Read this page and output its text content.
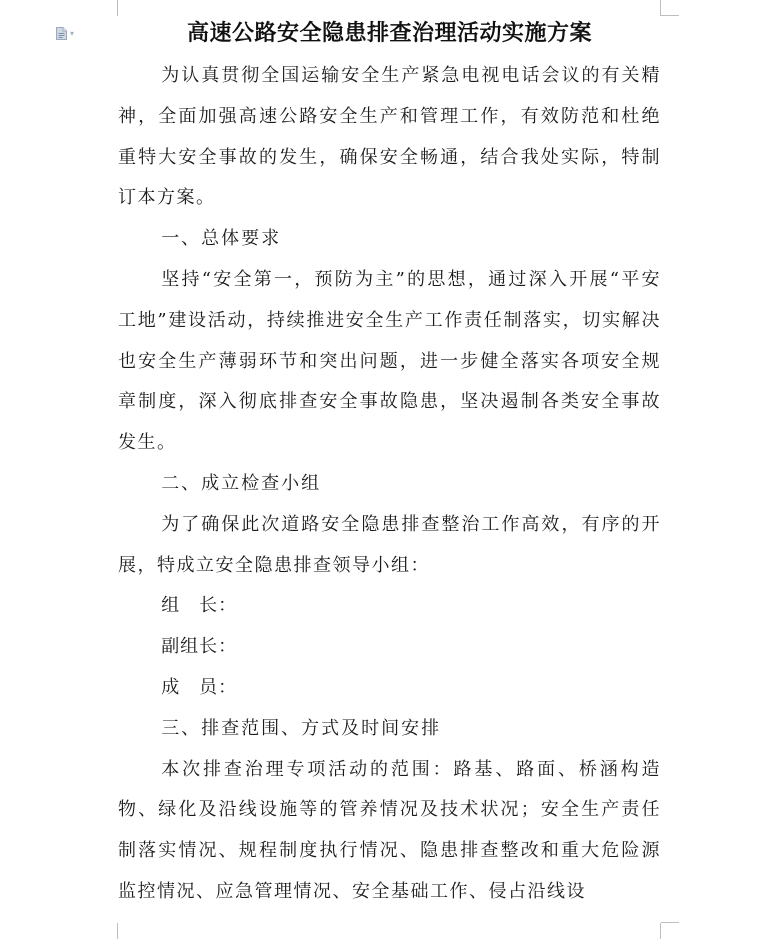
▾	高速公路安全隐患排查治理活动实施方案

为认真贯彻全国运输安全生产紧急电视电话会议的有关精神，全面加强高速公路安全生产和管理工作，有效防范和杜绝重特大安全事故的发生，确保安全畅通，结合我处实际，特制订本方案。

一、总体要求

坚持“安全第一，预防为主”的思想，通过深入开展“平安工地”建设活动，持续推进安全生产工作责任制落实，切实解决也安全生产薄弱环节和突出问题，进一步健全落实各项安全规章制度，深入彻底排查安全事故隐患，坚决遏制各类安全事故发生。

二、成立检查小组

为了确保此次道路安全隐患排查整治工作高效，有序的开展，特成立安全隐患排查领导小组：

组　长：

副组长：

成　员：

三、排查范围、方式及时间安排

本次排查治理专项活动的范围：路基、路面、桥涵构造物、绿化及沿线设施等的管养情况及技术状况；安全生产责任制落实情况、规程制度执行情况、隐患排查整改和重大危险源监控情况、应急管理情况、安全基础工作、侵占沿线设
